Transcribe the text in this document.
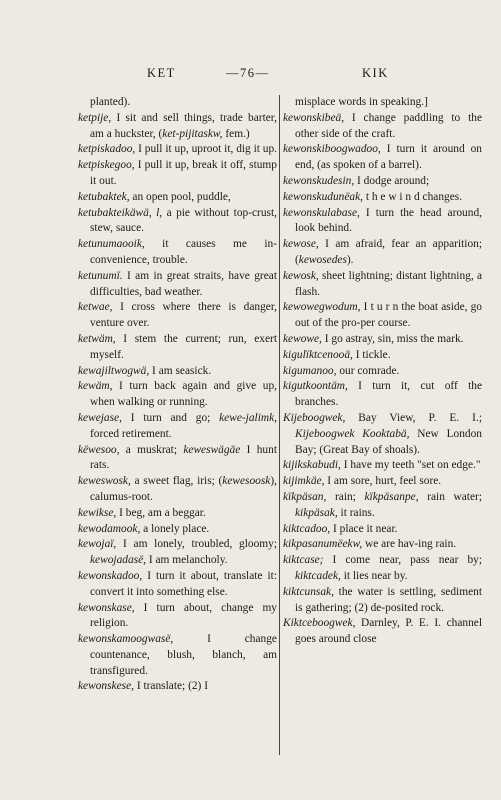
KET	—76—	KIK

planted).

ketpije, I sit and sell things, trade barter, am a huckster, (ket-pijitaskw, fem.)

ketpiskadoo, I pull it up, uproot it, dig it up.

ketpiskegoo, I pull it up, break it off, stump it out.

ketubaktek, an open pool, puddle,

ketubakteikäwä, l, a pie without top-crust, stew, sauce.

ketunumaooik, it causes me in-convenience, trouble.

ketunumï. I am in great straits, have great difficulties, bad weather.

ketwae, I cross where there is danger, venture over.

ketwäm, I stem the current; run, exert myself.

kewajiltwogwä, I am seasick.

kewäm, I turn back again and give up, when walking or running.

kewejase, I turn and go; kewe-jalimk, forced retirement.

këwesoo, a muskrat; keweswägäe I hunt rats.

keweswosk, a sweet flag, iris; (kewesoosk), calumus-root.

kewikse, I beg, am a beggar.

kewodamook, a lonely place.

kewojaï, I am lonely, troubled, gloomy; kewojadasë, I am melancholy.

kewonskadoo, I turn it about, translate it: convert it into something else.

kewonskase, I turn about, change my religion.

kewonskamoogwasë, I change countenance, blush, blanch, am transfigured.

kewonskese, I translate; (2) I

misplace words in speaking.]

kewonskibeä, I change paddling to the other side of the craft.

kewonskiboogwadoo, I turn it around on end, (as spoken of a barrel).

kewonskudesin, I dodge around;

kewonskudunëak, t h e w i n d changes.

kewonskulabase, I turn the head around, look behind.

kewose, I am afraid, fear an apparition; (kewosedes).

kewosk, sheet lightning; distant lightning, a flash.

kewowegwodum, I t u r n the boat aside, go out of the pro-per course.

kewowe, I go astray, sin, miss the mark.

kigulïktcenooä, I tickle.

kigumanoo, our comrade.

kigutkoontäm, I turn it, cut off the branches.

Kijeboogwek, Bay View, P. E. I.; Kijeboogwek Kooktabä, New London Bay; (Great Bay of shoals).

kijikskabudi, I have my teeth "set on edge."

kijimkäe, I am sore, hurt, feel sore.

kïkpäsan, rain; kïkpäsanpe, rain water; kikpäsak, it rains.

kiktcadoo, I place it near.

kikpasanumëekw, we are hav-ing rain.

kiktcase; I come near, pass near by; kiktcadek, it lies near by.

kiktcunsak, the water is settling, sediment is gathering; (2) de-posited rock.

Kiktceboogwek, Darnley, P. E. I. channel goes around close
